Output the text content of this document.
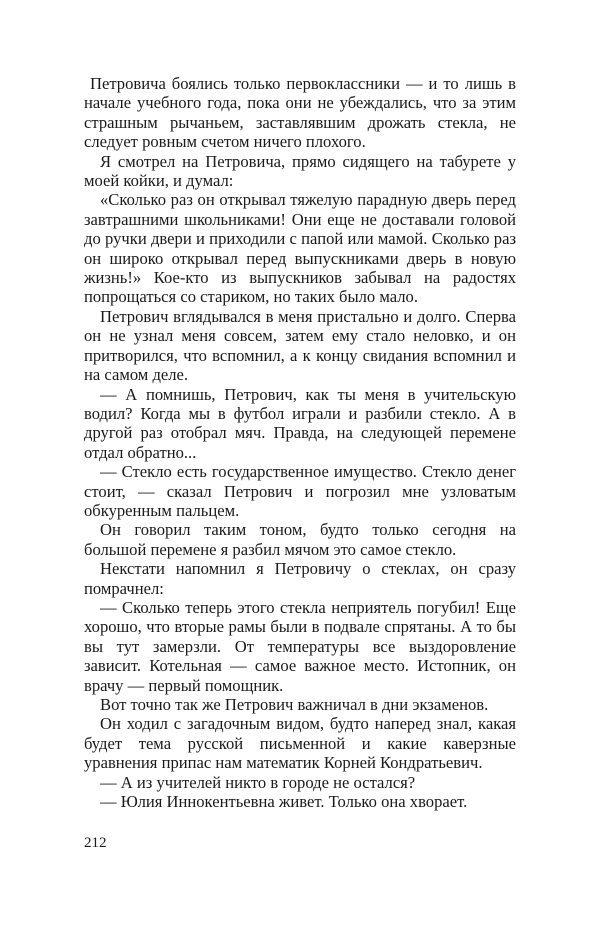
Петровича боялись только первоклассники — и то лишь в начале учебного года, пока они не убеждались, что за этим страшным рычаньем, заставлявшим дрожать стекла, не следует ровным счетом ничего плохого.

Я смотрел на Петровича, прямо сидящего на табурете у моей койки, и думал:

«Сколько раз он открывал тяжелую парадную дверь перед завтрашними школьниками! Они еще не доставали головой до ручки двери и приходили с папой или мамой. Сколько раз он широко открывал перед выпускниками дверь в новую жизнь!» Кое-кто из выпускников забывал на радостях попрощаться со стариком, но таких было мало.

Петрович вглядывался в меня пристально и долго. Сперва он не узнал меня совсем, затем ему стало неловко, и он притворился, что вспомнил, а к концу свидания вспомнил и на самом деле.

— А помнишь, Петрович, как ты меня в учительскую водил? Когда мы в футбол играли и разбили стекло. А в другой раз отобрал мяч. Правда, на следующей перемене отдал обратно...

— Стекло есть государственное имущество. Стекло денег стоит, — сказал Петрович и погрозил мне узловатым обкуренным пальцем.

Он говорил таким тоном, будто только сегодня на большой перемене я разбил мячом это самое стекло.

Некстати напомнил я Петровичу о стеклах, он сразу помрачнел:

— Сколько теперь этого стекла неприятель погубил! Еще хорошо, что вторые рамы были в подвале спрятаны. А то бы вы тут замерзли. От температуры все выздоровление зависит. Котельная — самое важное место. Истопник, он врачу — первый помощник.

Вот точно так же Петрович важничал в дни экзаменов.

Он ходил с загадочным видом, будто наперед знал, какая будет тема русской письменной и какие каверзные уравнения припас нам математик Корней Кондратьевич.

— А из учителей никто в городе не остался?

— Юлия Иннокентьевна живет. Только она хворает.

212
